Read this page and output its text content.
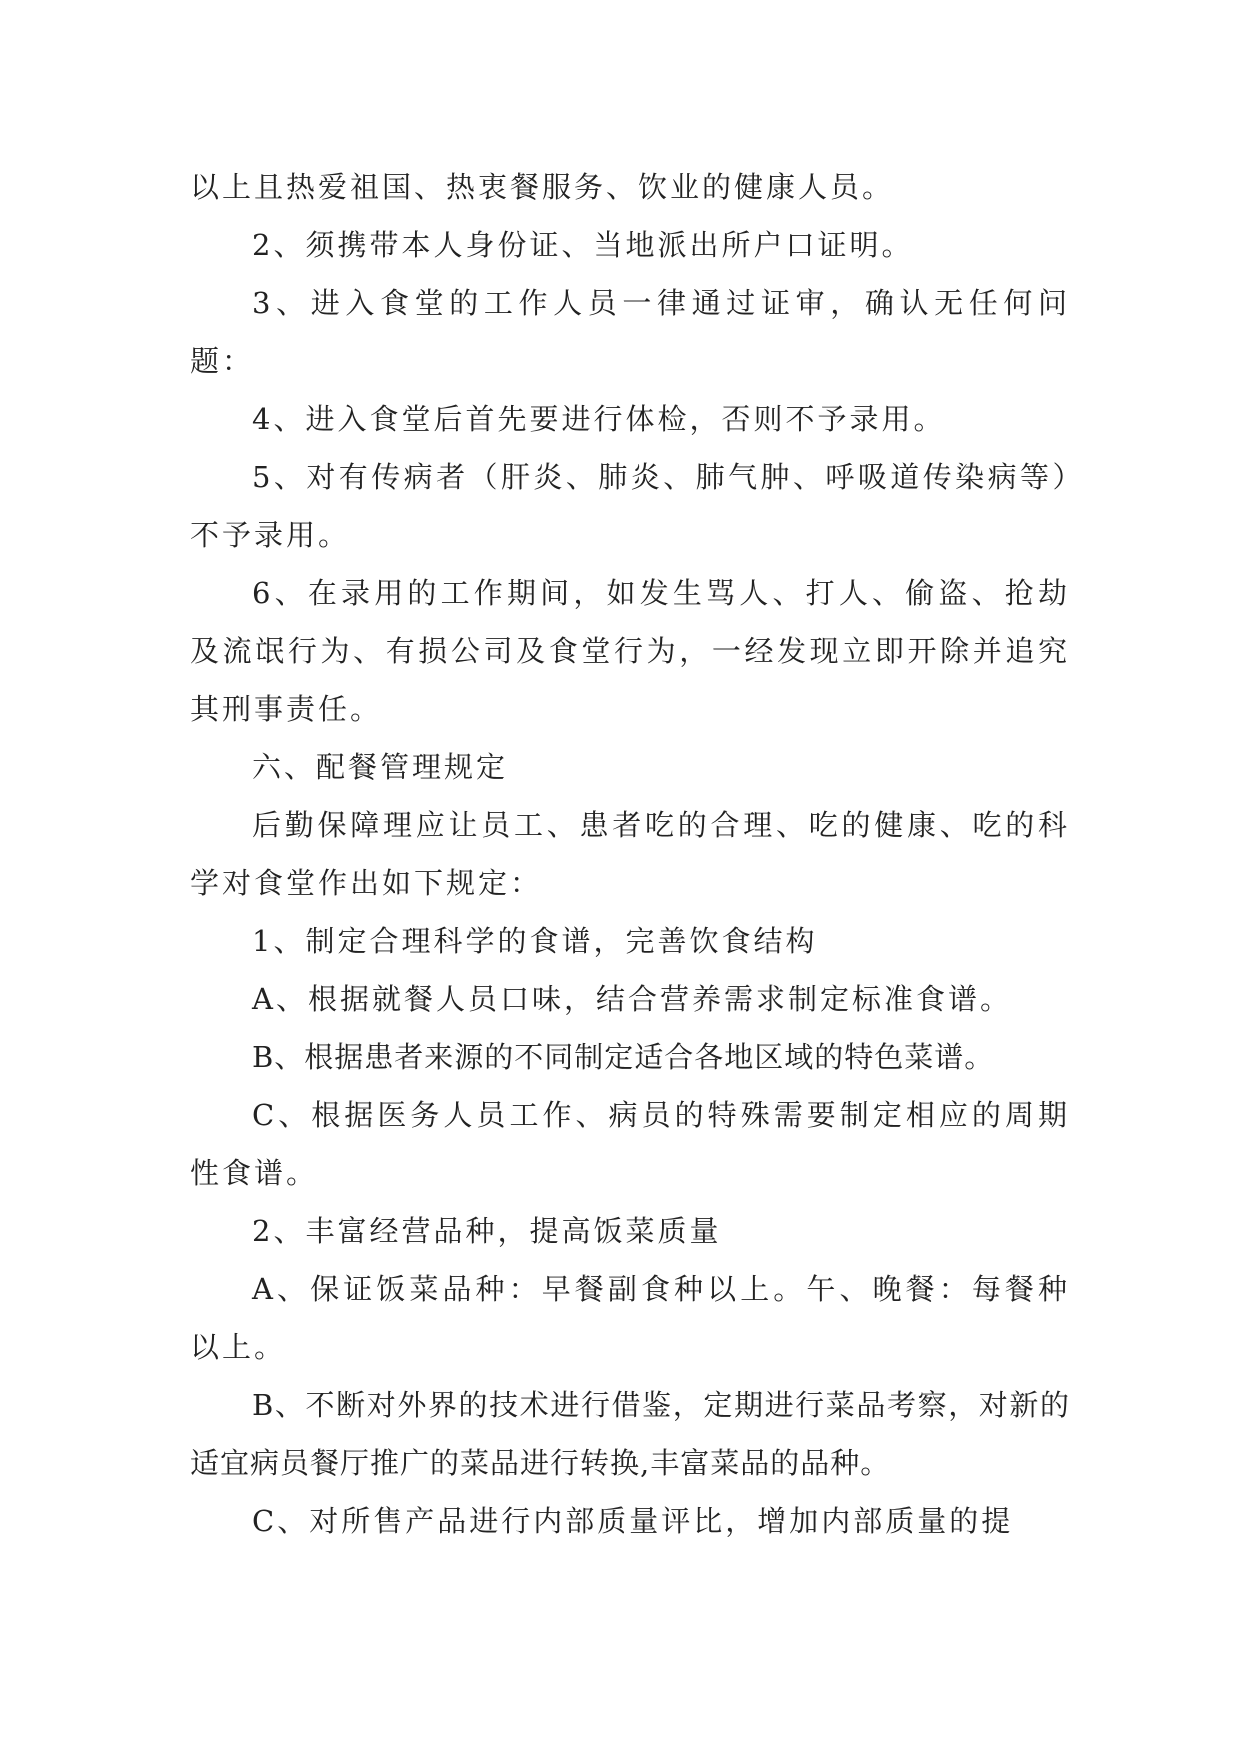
以上且热爱祖国、热衷餐服务、饮业的健康人员。

2、须携带本人身份证、当地派出所户口证明。

3、进入食堂的工作人员一律通过证审，确认无任何问题：

4、进入食堂后首先要进行体检，否则不予录用。

5、对有传病者（肝炎、肺炎、肺气肿、呼吸道传染病等）不予录用。

6、在录用的工作期间，如发生骂人、打人、偷盗、抢劫及流氓行为、有损公司及食堂行为，一经发现立即开除并追究其刑事责任。

六、配餐管理规定

后勤保障理应让员工、患者吃的合理、吃的健康、吃的科学对食堂作出如下规定：

1、制定合理科学的食谱，完善饮食结构

A、根据就餐人员口味，结合营养需求制定标准食谱。

B、根据患者来源的不同制定适合各地区域的特色菜谱。

C、根据医务人员工作、病员的特殊需要制定相应的周期性食谱。

2、丰富经营品种，提高饭菜质量

A、保证饭菜品种：早餐副食种以上。午、晚餐：每餐种以上。

B、不断对外界的技术进行借鉴，定期进行菜品考察，对新的适宜病员餐厅推广的菜品进行转换,丰富菜品的品种。

C、对所售产品进行内部质量评比，增加内部质量的提
